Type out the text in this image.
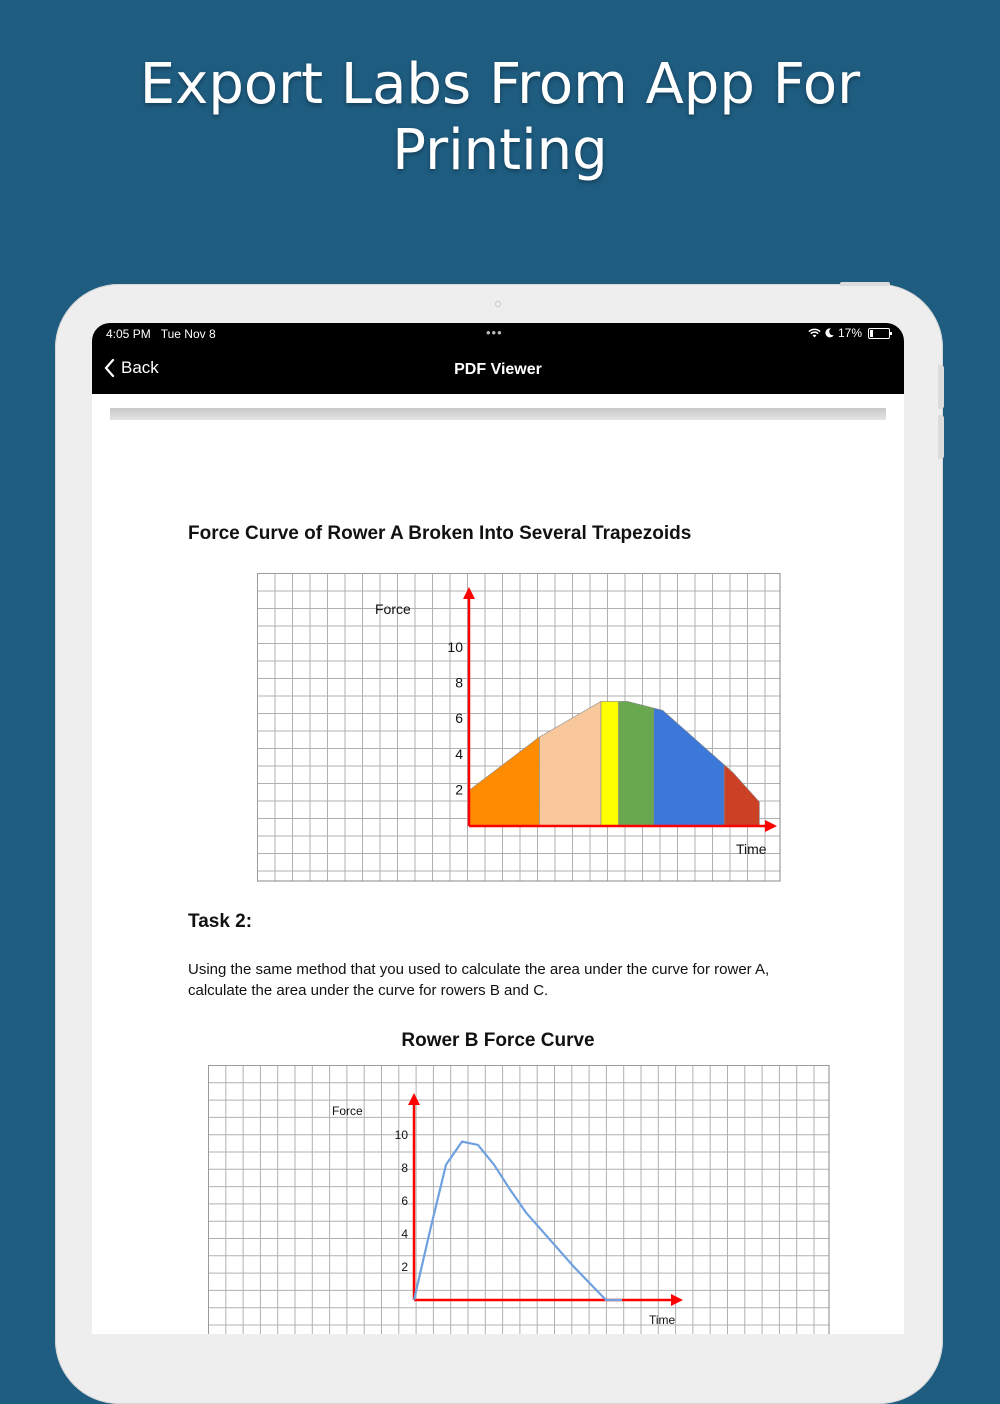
Export Labs From App For
Printing
4:05 PM Tue Nov 8	•••	17%
Back	PDF Viewer
Force Curve of Rower A Broken Into Several Trapezoids
2
4
6
8
10
Force
Time
Task 2:
Using the same method that you used to calculate the area under the curve for rower A, calculate the area under the curve for rowers B and C.
Rower B Force Curve
2
4
6
8
10
Force
Time
